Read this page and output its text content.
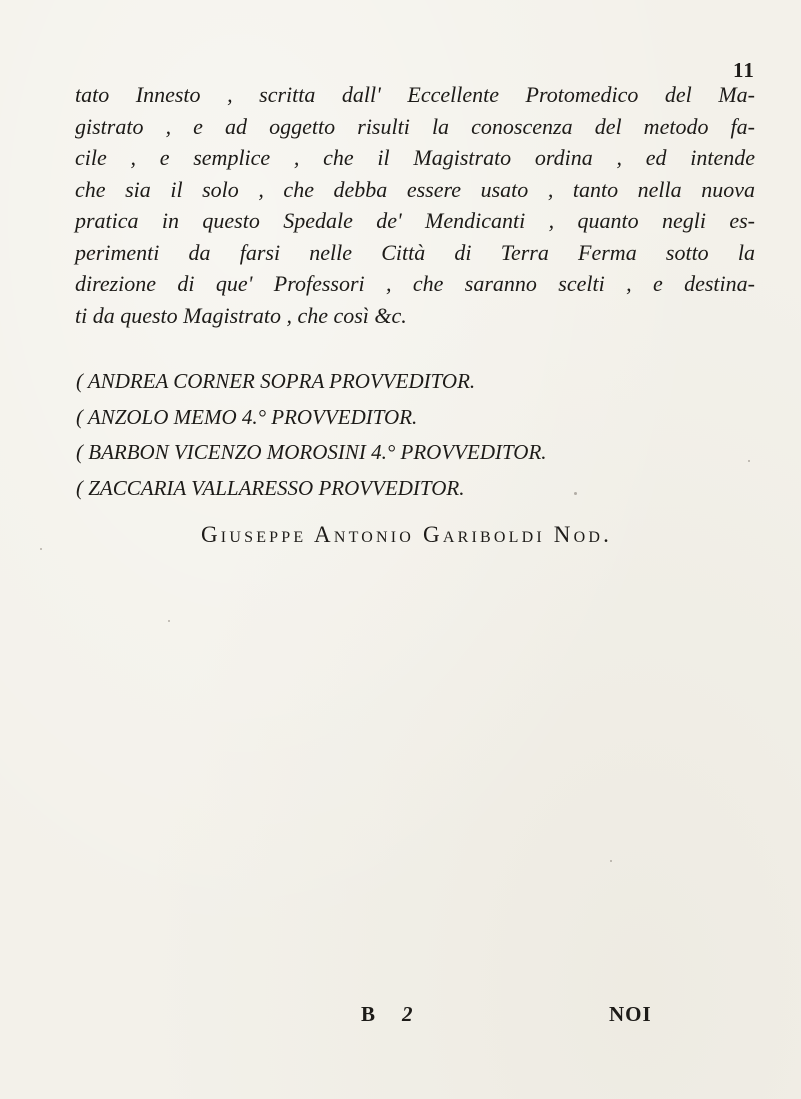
11
tato Innesto , scritta dall' Eccellente Protomedico del Ma-
gistrato , e ad oggetto risulti la conoscenza del metodo fa-
cile , e semplice , che il Magistrato ordina , ed intende
che sia il solo , che debba essere usato , tanto nella nuova
pratica in questo Spedale de' Mendicanti , quanto negli es-
perimenti da farsi nelle Città di Terra Ferma sotto la
direzione di que' Professori , che saranno scelti , e destina-
ti da questo Magistrato , che così &c.
( ANDREA CORNER SOPRA PROVVEDITOR.
( ANZOLO MEMO 4.° PROVVEDITOR.
( BARBON VICENZO MOROSINI 4.° PROVVEDITOR.
( ZACCARIA VALLARESSO PROVVEDITOR.
Giuseppe Antonio Gariboldi Nod.
B 2	NOI
